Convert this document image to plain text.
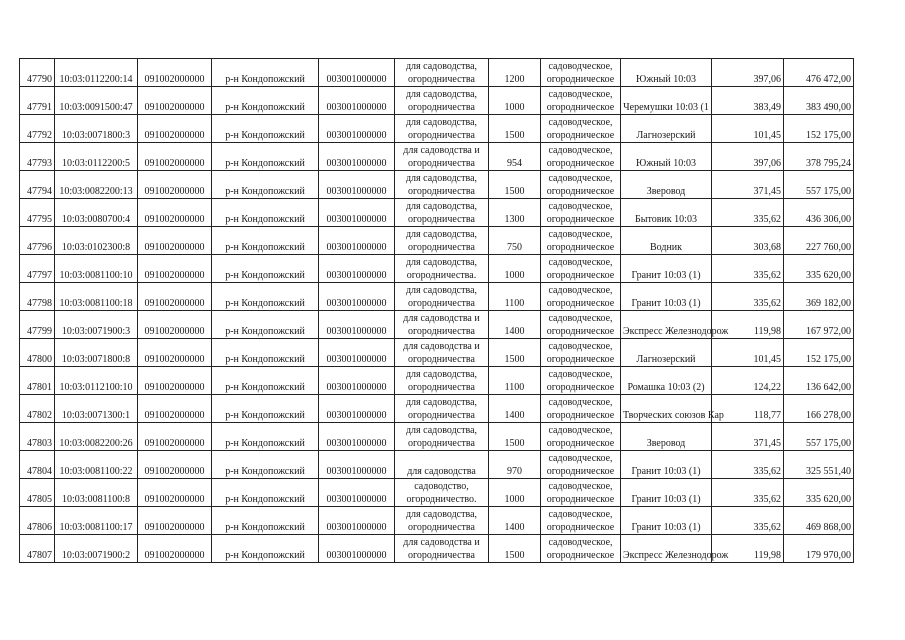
47790	10:03:0112200:14	091002000000	р-н Кондопожский	003001000000	для садоводства,
огородничества	1200	садоводческое,
огородническое	Южный 10:03	397,06	476 472,00
47791	10:03:0091500:47	091002000000	р-н Кондопожский	003001000000	для садоводства,
огородничества	1000	садоводческое,
огородническое	Черемушки 10:03 (1	383,49	383 490,00
47792	10:03:0071800:3	091002000000	р-н Кондопожский	003001000000	для садоводства,
огородничества	1500	садоводческое,
огородническое	Лагнозерский	101,45	152 175,00
47793	10:03:0112200:5	091002000000	р-н Кондопожский	003001000000	для садоводства и
огородничества	954	садоводческое,
огородническое	Южный 10:03	397,06	378 795,24
47794	10:03:0082200:13	091002000000	р-н Кондопожский	003001000000	для садоводства,
огородничества	1500	садоводческое,
огородническое	Зверовод	371,45	557 175,00
47795	10:03:0080700:4	091002000000	р-н Кондопожский	003001000000	для садоводства,
огородничества	1300	садоводческое,
огородническое	Бытовик 10:03	335,62	436 306,00
47796	10:03:0102300:8	091002000000	р-н Кондопожский	003001000000	для садоводства,
огородничества	750	садоводческое,
огородническое	Водник	303,68	227 760,00
47797	10:03:0081100:10	091002000000	р-н Кондопожский	003001000000	для садоводства,
огородничества.	1000	садоводческое,
огородническое	Гранит 10:03 (1)	335,62	335 620,00
47798	10:03:0081100:18	091002000000	р-н Кондопожский	003001000000	для садоводства,
огородничества	1100	садоводческое,
огородническое	Гранит 10:03 (1)	335,62	369 182,00
47799	10:03:0071900:3	091002000000	р-н Кондопожский	003001000000	для садоводства и
огородничества	1400	садоводческое,
огородническое	Экспресс Железнодорож	119,98	167 972,00
47800	10:03:0071800:8	091002000000	р-н Кондопожский	003001000000	для садоводства и
огородничества	1500	садоводческое,
огородническое	Лагнозерский	101,45	152 175,00
47801	10:03:0112100:10	091002000000	р-н Кондопожский	003001000000	для садоводства,
огородничества	1100	садоводческое,
огородническое	Ромашка 10:03 (2)	124,22	136 642,00
47802	10:03:0071300:1	091002000000	р-н Кондопожский	003001000000	для садоводства,
огородничества	1400	садоводческое,
огородническое	Творческих союзов Кар	118,77	166 278,00
47803	10:03:0082200:26	091002000000	р-н Кондопожский	003001000000	для садоводства,
огородничества	1500	садоводческое,
огородническое	Зверовод	371,45	557 175,00
47804	10:03:0081100:22	091002000000	р-н Кондопожский	003001000000	для садоводства	970	садоводческое,
огородническое	Гранит 10:03 (1)	335,62	325 551,40
47805	10:03:0081100:8	091002000000	р-н Кондопожский	003001000000	садоводство,
огородничество.	1000	садоводческое,
огородническое	Гранит 10:03 (1)	335,62	335 620,00
47806	10:03:0081100:17	091002000000	р-н Кондопожский	003001000000	для садоводства,
огородничества	1400	садоводческое,
огородническое	Гранит 10:03 (1)	335,62	469 868,00
47807	10:03:0071900:2	091002000000	р-н Кондопожский	003001000000	для садоводства и
огородничества	1500	садоводческое,
огородническое	Экспресс Железнодорож	119,98	179 970,00
